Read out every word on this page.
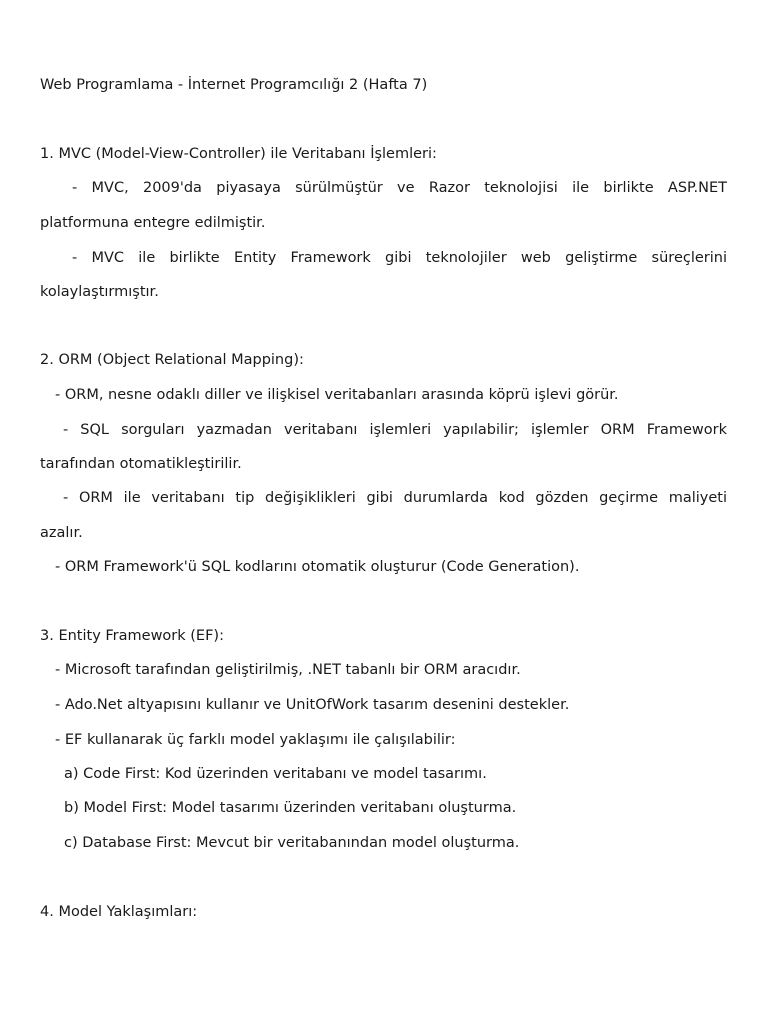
Web Programlama - İnternet Programcılığı 2 (Hafta 7)
1. MVC (Model-View-Controller) ile Veritabanı İşlemleri:
- MVC, 2009'da piyasaya sürülmüştür ve Razor teknolojisi ile birlikte ASP.NET
platformuna entegre edilmiştir.
- MVC ile birlikte Entity Framework gibi teknolojiler web geliştirme süreçlerini
kolaylaştırmıştır.
2. ORM (Object Relational Mapping):
- ORM, nesne odaklı diller ve ilişkisel veritabanları arasında köprü işlevi görür.
- SQL sorguları yazmadan veritabanı işlemleri yapılabilir; işlemler ORM Framework
tarafından otomatikleştirilir.
- ORM ile veritabanı tip değişiklikleri gibi durumlarda kod gözden geçirme maliyeti
azalır.
- ORM Framework'ü SQL kodlarını otomatik oluşturur (Code Generation).
3. Entity Framework (EF):
- Microsoft tarafından geliştirilmiş, .NET tabanlı bir ORM aracıdır.
- Ado.Net altyapısını kullanır ve UnitOfWork tasarım desenini destekler.
- EF kullanarak üç farklı model yaklaşımı ile çalışılabilir:
a) Code First: Kod üzerinden veritabanı ve model tasarımı.
b) Model First: Model tasarımı üzerinden veritabanı oluşturma.
c) Database First: Mevcut bir veritabanından model oluşturma.
4. Model Yaklaşımları:
